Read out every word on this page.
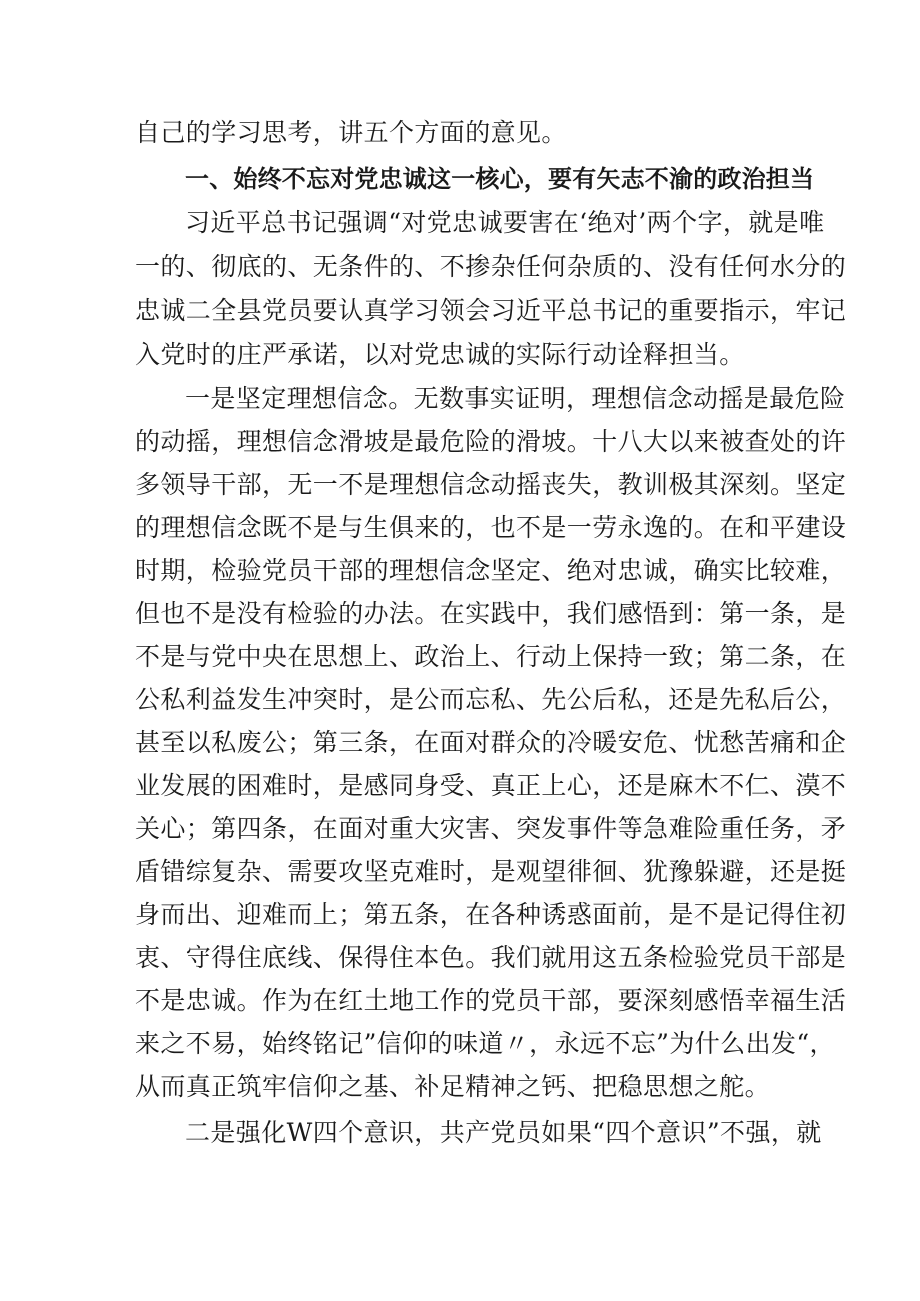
自己的学习思考，讲五个方面的意见。
一、始终不忘对党忠诚这一核心，要有矢志不渝的政治担当
习近平总书记强调“对党忠诚要害在‘绝对’两个字，就是唯
一的、彻底的、无条件的、不掺杂任何杂质的、没有任何水分的
忠诚二全县党员要认真学习领会习近平总书记的重要指示，牢记
入党时的庄严承诺，以对党忠诚的实际行动诠释担当。
一是坚定理想信念。无数事实证明，理想信念动摇是最危险
的动摇，理想信念滑坡是最危险的滑坡。十八大以来被查处的许
多领导干部，无一不是理想信念动摇丧失，教训极其深刻。坚定
的理想信念既不是与生俱来的，也不是一劳永逸的。在和平建设
时期，检验党员干部的理想信念坚定、绝对忠诚，确实比较难，
但也不是没有检验的办法。在实践中，我们感悟到：第一条，是
不是与党中央在思想上、政治上、行动上保持一致；第二条，在
公私利益发生冲突时，是公而忘私、先公后私，还是先私后公，
甚至以私废公；第三条，在面对群众的冷暖安危、忧愁苦痛和企
业发展的困难时，是感同身受、真正上心，还是麻木不仁、漠不
关心；第四条，在面对重大灾害、突发事件等急难险重任务，矛
盾错综复杂、需要攻坚克难时，是观望徘徊、犹豫躲避，还是挺
身而出、迎难而上；第五条，在各种诱惑面前，是不是记得住初
衷、守得住底线、保得住本色。我们就用这五条检验党员干部是
不是忠诚。作为在红土地工作的党员干部，要深刻感悟幸福生活
来之不易，始终铭记”信仰的味道〃，永远不忘”为什么出发“，
从而真正筑牢信仰之基、补足精神之钙、把稳思想之舵。
二是强化W四个意识，共产党员如果“四个意识”不强，就
